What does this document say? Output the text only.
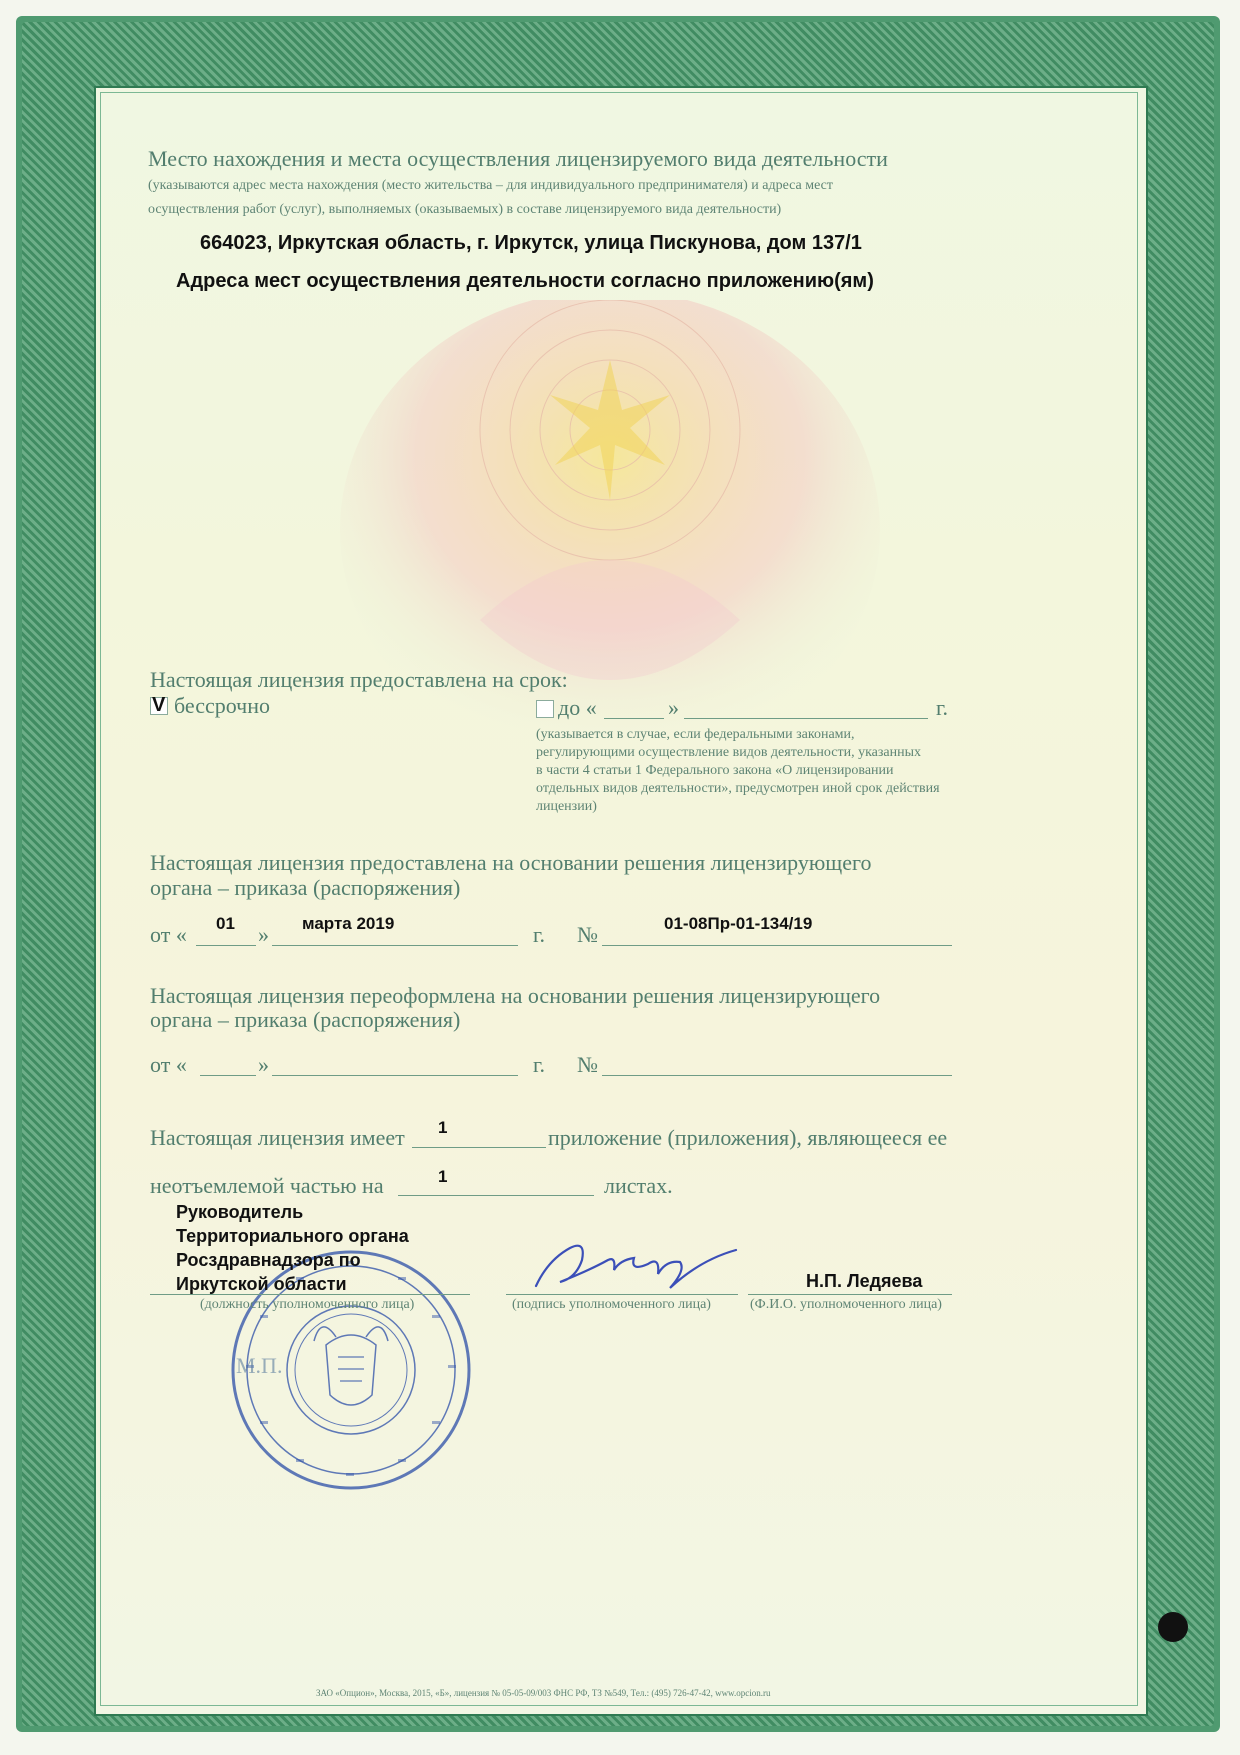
Место нахождения и места осуществления лицензируемого вида деятельности
(указываются адрес места нахождения (место жительства – для индивидуального предпринимателя) и адреса мест
осуществления работ (услуг), выполняемых (оказываемых) в составе лицензируемого вида деятельности)
664023, Иркутская область, г. Иркутск, улица Пискунова, дом 137/1
Адреса мест осуществления деятельности согласно приложению(ям)
Настоящая лицензия предоставлена на срок:
V бессрочно	до «	»	г.
(указывается в случае, если федеральными законами,
регулирующими осуществление видов деятельности, указанных
в части 4 статьи 1 Федерального закона «О лицензировании
отдельных видов деятельности», предусмотрен иной срок действия
лицензии)
Настоящая лицензия предоставлена на основании решения лицензирующего
органа – приказа (распоряжения)
от « 01 » марта 2019	г. №	01-08Пр-01-134/19
Настоящая лицензия переоформлена на основании решения лицензирующего
органа – приказа (распоряжения)
от «	»	г. №
Настоящая лицензия имеет 1	приложение (приложения), являющееся ее
неотъемлемой частью на	1	листах.
М.П.
Руководитель
Территориального органа
Росздравнадзора по
Иркутской области
(должность уполномоченного лица)	(подпись уполномоченного лица)
Н.П. Ледяева
(Ф.И.О. уполномоченного лица)
ЗАО «Опцион», Москва, 2015, «Б», лицензия № 05-05-09/003 ФНС РФ, ТЗ №549, Тел.: (495) 726-47-42, www.opcion.ru
